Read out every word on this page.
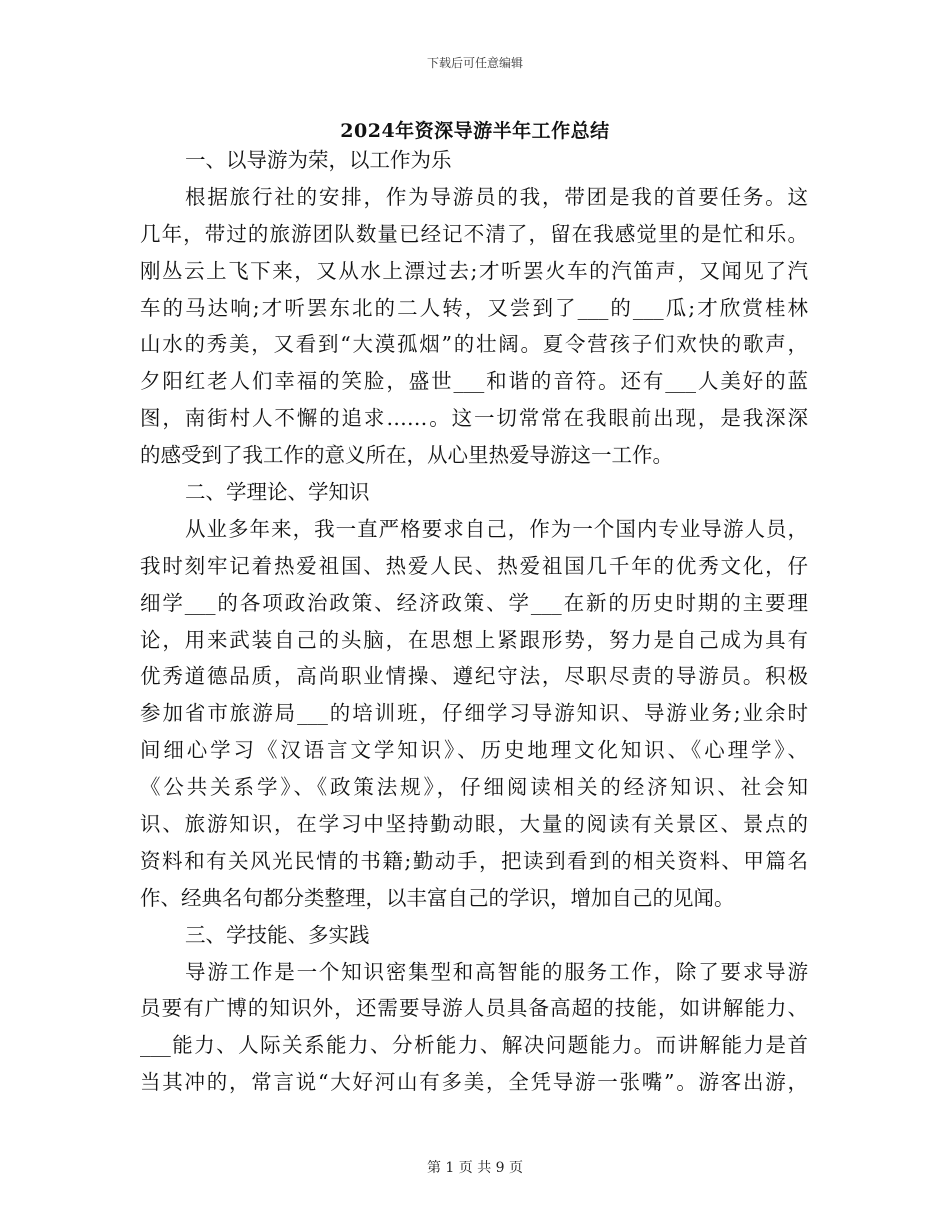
下载后可任意编辑
2024年资深导游半年工作总结
一、以导游为荣，以工作为乐
根据旅行社的安排，作为导游员的我，带团是我的首要任务。这
几年，带过的旅游团队数量已经记不清了，留在我感觉里的是忙和乐。
刚丛云上飞下来，又从水上漂过去;才听罢火车的汽笛声，又闻见了汽
车的马达响;才听罢东北的二人转，又尝到了___的___瓜;才欣赏桂林
山水的秀美，又看到“大漠孤烟”的壮阔。夏令营孩子们欢快的歌声，
夕阳红老人们幸福的笑脸，盛世___和谐的音符。还有___人美好的蓝
图，南街村人不懈的追求……。这一切常常在我眼前出现，是我深深
的感受到了我工作的意义所在，从心里热爱导游这一工作。
二、学理论、学知识
从业多年来，我一直严格要求自己，作为一个国内专业导游人员，
我时刻牢记着热爱祖国、热爱人民、热爱祖国几千年的优秀文化，仔
细学___的各项政治政策、经济政策、学___在新的历史时期的主要理
论，用来武装自己的头脑，在思想上紧跟形势，努力是自己成为具有
优秀道德品质，高尚职业情操、遵纪守法，尽职尽责的导游员。积极
参加省市旅游局___的培训班，仔细学习导游知识、导游业务;业余时
间细心学习《汉语言文学知识》、历史地理文化知识、《心理学》、
《公共关系学》、《政策法规》，仔细阅读相关的经济知识、社会知
识、旅游知识，在学习中坚持勤动眼，大量的阅读有关景区、景点的
资料和有关风光民情的书籍;勤动手，把读到看到的相关资料、甲篇名
作、经典名句都分类整理，以丰富自己的学识，增加自己的见闻。
三、学技能、多实践
导游工作是一个知识密集型和高智能的服务工作，除了要求导游
员要有广博的知识外，还需要导游人员具备高超的技能，如讲解能力、
___能力、人际关系能力、分析能力、解决问题能力。而讲解能力是首
当其冲的，常言说“大好河山有多美，全凭导游一张嘴”。游客出游，
第 1 页 共 9 页
